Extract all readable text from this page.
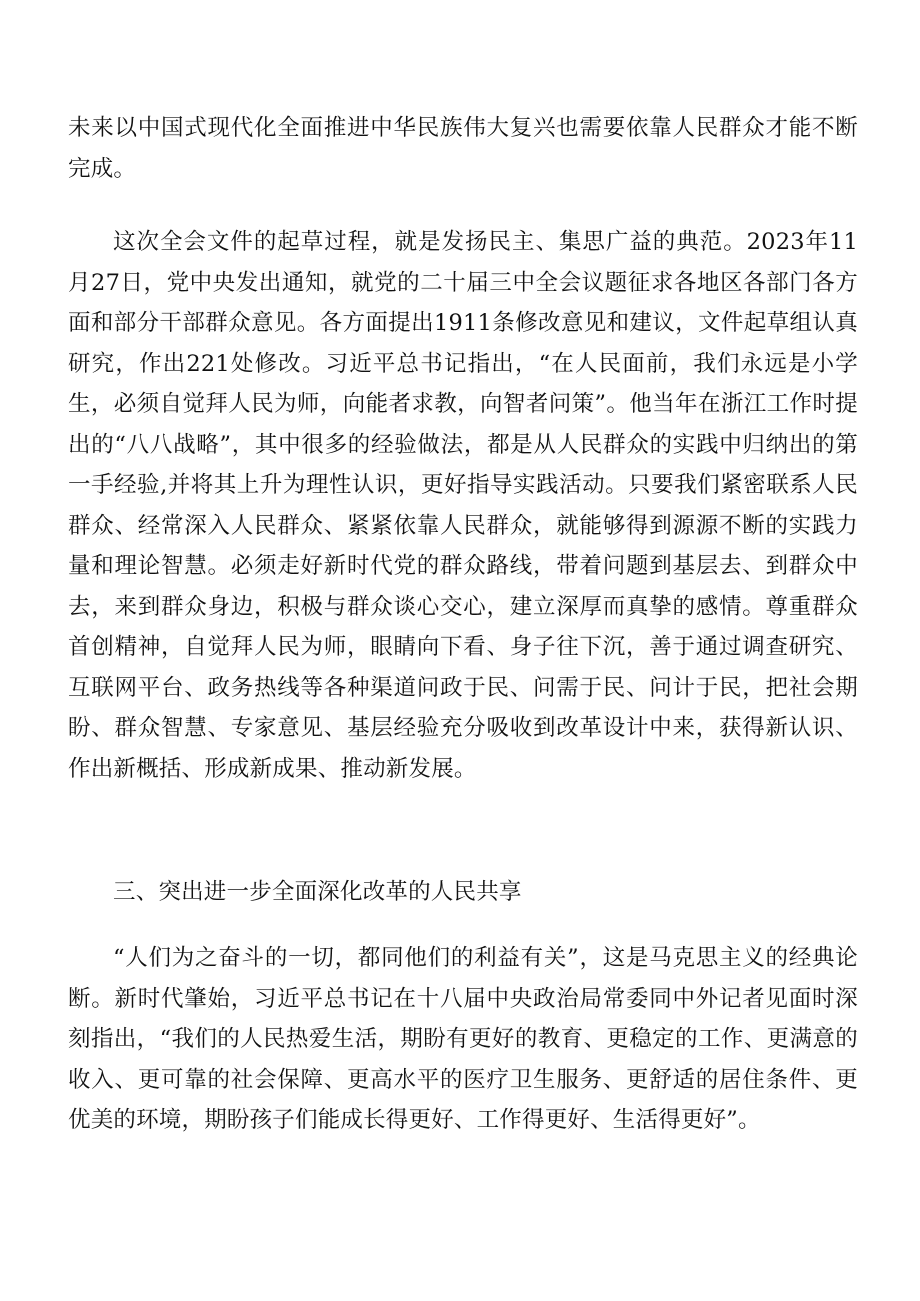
未来以中国式现代化全面推进中华民族伟大复兴也需要依靠人民群众才能不断完成。

这次全会文件的起草过程，就是发扬民主、集思广益的典范。2023年11月27日，党中央发出通知，就党的二十届三中全会议题征求各地区各部门各方面和部分干部群众意见。各方面提出1911条修改意见和建议，文件起草组认真研究，作出221处修改。习近平总书记指出，“在人民面前，我们永远是小学生，必须自觉拜人民为师，向能者求教，向智者问策”。他当年在浙江工作时提出的“八八战略”，其中很多的经验做法，都是从人民群众的实践中归纳出的第一手经验,并将其上升为理性认识，更好指导实践活动。只要我们紧密联系人民群众、经常深入人民群众、紧紧依靠人民群众，就能够得到源源不断的实践力量和理论智慧。必须走好新时代党的群众路线，带着问题到基层去、到群众中去，来到群众身边，积极与群众谈心交心，建立深厚而真挚的感情。尊重群众首创精神，自觉拜人民为师，眼睛向下看、身子往下沉，善于通过调查研究、互联网平台、政务热线等各种渠道问政于民、问需于民、问计于民，把社会期盼、群众智慧、专家意见、基层经验充分吸收到改革设计中来，获得新认识、作出新概括、形成新成果、推动新发展。

三、突出进一步全面深化改革的人民共享

“人们为之奋斗的一切，都同他们的利益有关”，这是马克思主义的经典论断。新时代肇始，习近平总书记在十八届中央政治局常委同中外记者见面时深刻指出，“我们的人民热爱生活，期盼有更好的教育、更稳定的工作、更满意的收入、更可靠的社会保障、更高水平的医疗卫生服务、更舒适的居住条件、更优美的环境，期盼孩子们能成长得更好、工作得更好、生活得更好”。
